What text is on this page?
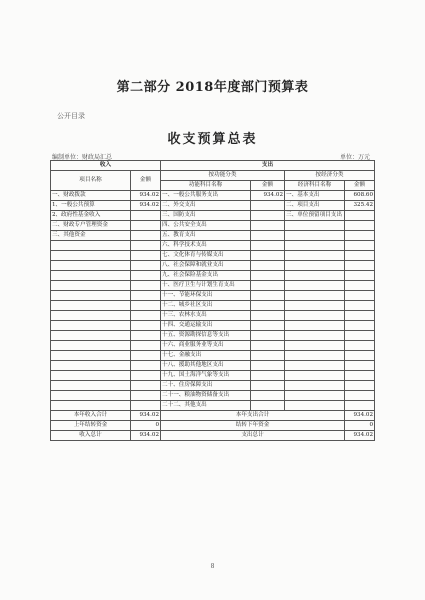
第二部分 2018年度部门预算表
公开目录
收支预算总表
编制单位：财政局汇总	单位：万元
收入		支出			
项目名称	金额	按功能分类		按经济分类	
		功能科目名称	金额	经济科目名称	金额
一、财政拨款	934.02	一、一般公共服务支出	934.02	一、基本支出	608.60
1、一般公共预算	934.02	二、外交支出		二、项目支出	325.42
2、政府性基金收入		三、国防支出		三、单位预留项目支出	
二、财政专户管理资金		四、公共安全支出			
三、其他资金		五、教育支出			
		六、科学技术支出			
		七、文化体育与传媒支出			
		八、社会保障和就业支出			
		九、社会保险基金支出			
		十、医疗卫生与计划生育支出			
		十一、节能环保支出			
		十二、城乡社区支出			
		十三、农林水支出			
		十四、交通运输支出			
		十五、资源勘探信息等支出			
		十六、商业服务业等支出			
		十七、金融支出			
		十八、援助其他地区支出			
		十九、国土海洋气象等支出			
		二十、住房保障支出			
		二十一、粮油物资储备支出			
		二十二、其他支出			
本年收入合计	934.02	本年支出合计			934.02
上年结转资金	0	结转下年资金			0
收入总计	934.02	支出总计			934.02
8
